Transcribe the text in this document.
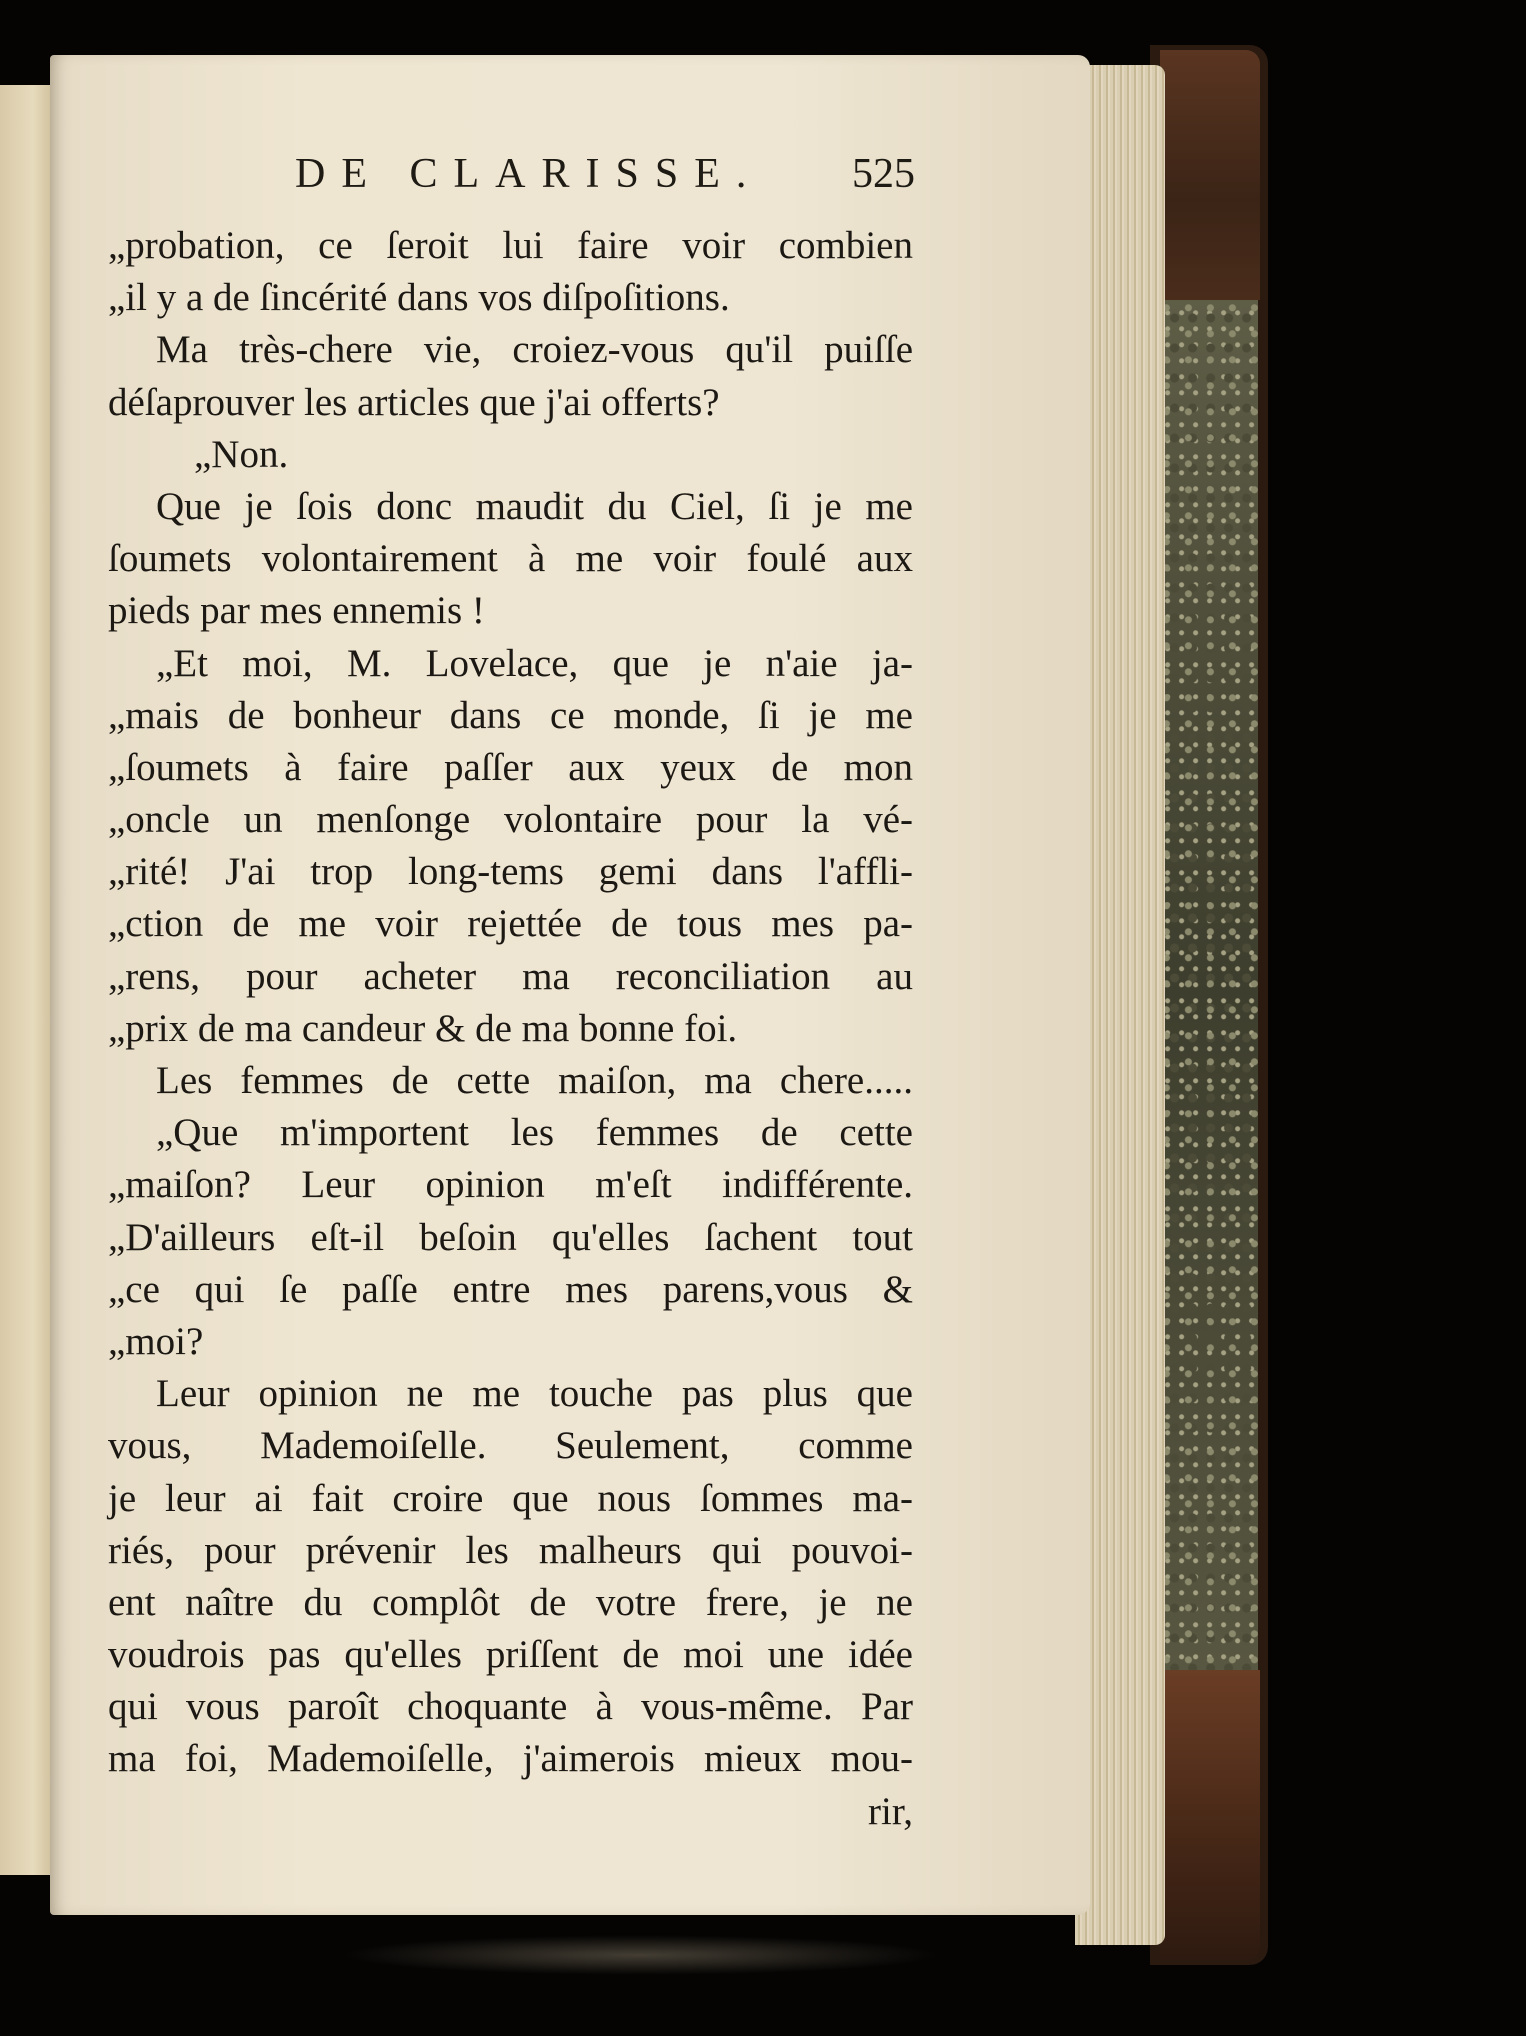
DE CLARISSE. 525
„probation, ce ſeroit lui faire voir combien
„il y a de ſincérité dans vos diſpoſitions.
Ma très-chere vie, croiez-vous qu'il puiſſe
déſaprouver les articles que j'ai offerts?
„Non.
Que je ſois donc maudit du Ciel, ſi je me
ſoumets volontairement à me voir foulé aux
pieds par mes ennemis !
„Et moi, M. Lovelace, que je n'aie ja-
„mais de bonheur dans ce monde, ſi je me
„ſoumets à faire paſſer aux yeux de mon
„oncle un menſonge volontaire pour la vé-
„rité! J'ai trop long-tems gemi dans l'affli-
„ction de me voir rejettée de tous mes pa-
„rens, pour acheter ma reconciliation au
„prix de ma candeur & de ma bonne foi.
Les femmes de cette maiſon, ma chere.....
„Que m'importent les femmes de cette
„maiſon? Leur opinion m'eſt indifférente.
„D'ailleurs eſt-il beſoin qu'elles ſachent tout
„ce qui ſe paſſe entre mes parens,vous &
„moi?
Leur opinion ne me touche pas plus que
vous, Mademoiſelle. Seulement, comme
je leur ai fait croire que nous ſommes ma-
riés, pour prévenir les malheurs qui pouvoi-
ent naître du complôt de votre frere, je ne
voudrois pas qu'elles priſſent de moi une idée
qui vous paroît choquante à vous-même. Par
ma foi, Mademoiſelle, j'aimerois mieux mou-
rir,
